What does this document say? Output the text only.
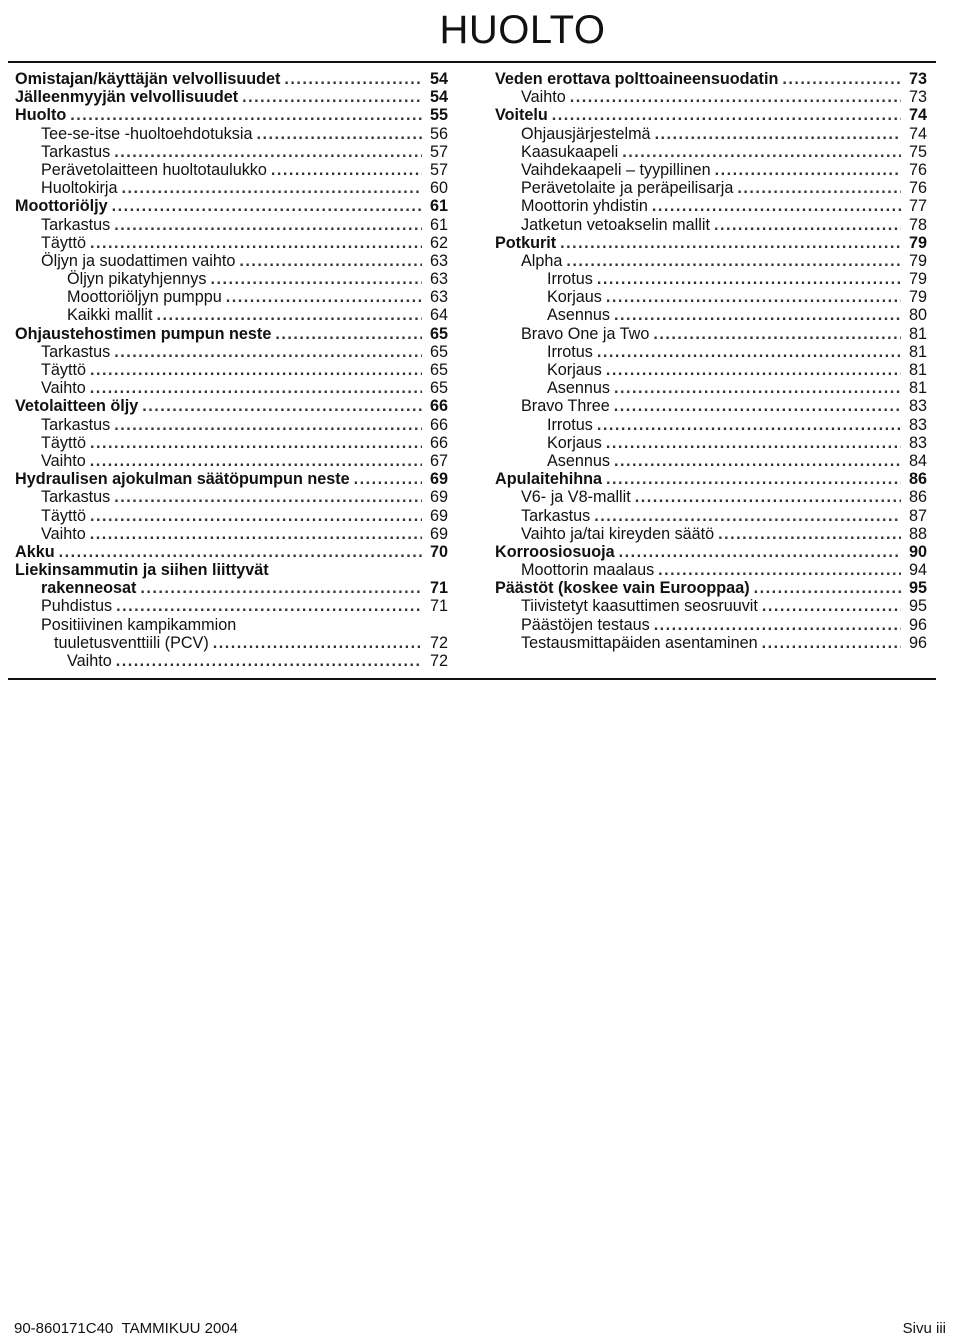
HUOLTO
Omistajan/käyttäjän velvollisuudet . . .	54
Jälleenmyyjän velvollisuudet . . .	54
Huolto . . .	55
Tee-se-itse -huoltoehdotuksia . . .	56
Tarkastus . . .	57
Perävetolaitteen huoltotaulukko . . .	57
Huoltokirja . . .	60
Moottoriöljy . . .	61
Tarkastus . . .	61
Täyttö . . .	62
Öljyn ja suodattimen vaihto . . .	63
Öljyn pikatyhjennys . . .	63
Moottoriöljyn pumppu . . .	63
Kaikki mallit . . .	64
Ohjaustehostimen pumpun neste . . .	65
Tarkastus . . .	65
Täyttö . . .	65
Vaihto . . .	65
Vetolaitteen öljy . . .	66
Tarkastus . . .	66
Täyttö . . .	66
Vaihto . . .	67
Hydraulisen ajokulman säätöpumpun neste . . .	69
Tarkastus . . .	69
Täyttö . . .	69
Vaihto . . .	69
Akku . . .	70
Liekinsammutin ja siihen liittyvät
rakenneosat . . .	71
Puhdistus . . .	71
Positiivinen kampikammion
tuuletusventtiili (PCV) . . .	72
Vaihto . . .	72
Veden erottava polttoaineensuodatin . . .	73
Vaihto . . .	73
Voitelu . . .	74
Ohjausjärjestelmä . . .	74
Kaasukaapeli . . .	75
Vaihdekaapeli – tyypillinen . . .	76
Perävetolaite ja peräpeilisarja . . .	76
Moottorin yhdistin . . .	77
Jatketun vetoakselin mallit . . .	78
Potkurit . . .	79
Alpha . . .	79
Irrotus . . .	79
Korjaus . . .	79
Asennus . . .	80
Bravo One ja Two . . .	81
Irrotus . . .	81
Korjaus . . .	81
Asennus . . .	81
Bravo Three . . .	83
Irrotus . . .	83
Korjaus . . .	83
Asennus . . .	84
Apulaitehihna . . .	86
V6- ja V8-mallit . . .	86
Tarkastus . . .	87
Vaihto ja/tai kireyden säätö . . .	88
Korroosiosuoja . . .	90
Moottorin maalaus . . .	94
Päästöt (koskee vain Eurooppaa) . . .	95
Tiivistetyt kaasuttimen seosruuvit . . .	95
Päästöjen testaus . . .	96
Testausmittapäiden asentaminen . . .	96
90-860171C40 TAMMIKUU 2004	Sivu iii
